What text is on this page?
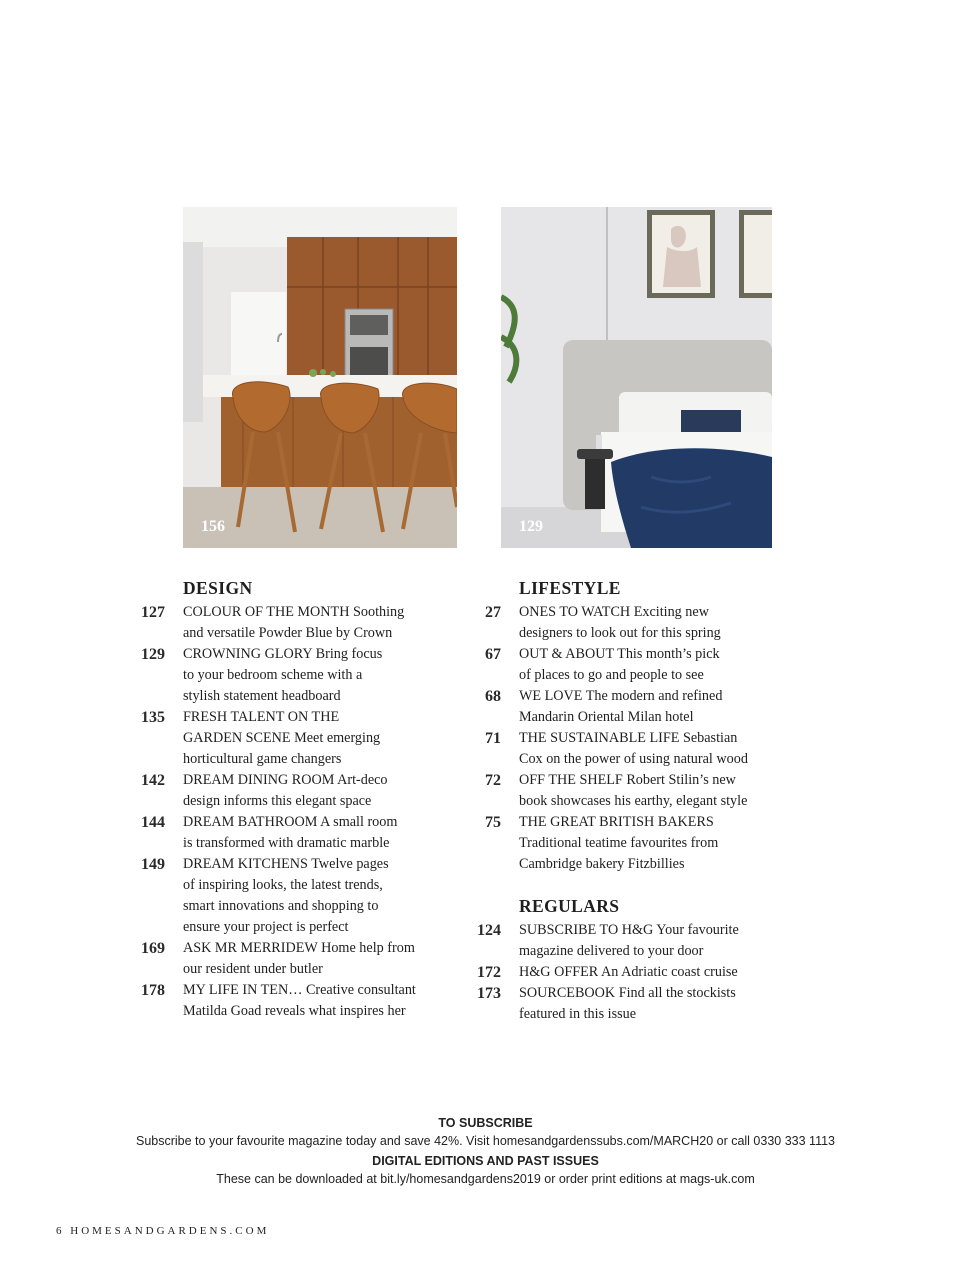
156	129
DESIGN
127 COLOUR OF THE MONTH Soothing
and versatile Powder Blue by Crown
129 CROWNING GLORY Bring focus
to your bedroom scheme with a
stylish statement headboard
135 FRESH TALENT ON THE
GARDEN SCENE Meet emerging
horticultural game changers
142 DREAM DINING ROOM Art-deco
design informs this elegant space
144 DREAM BATHROOM A small room
is transformed with dramatic marble
149 DREAM KITCHENS Twelve pages
of inspiring looks, the latest trends,
smart innovations and shopping to
ensure your project is perfect
169 ASK MR MERRIDEW Home help from
our resident under butler
178 MY LIFE IN TEN… Creative consultant
Matilda Goad reveals what inspires her
LIFESTYLE
27 ONES TO WATCH Exciting new
designers to look out for this spring
67 OUT & ABOUT This month’s pick
of places to go and people to see
68 WE LOVE The modern and refined
Mandarin Oriental Milan hotel
71 THE SUSTAINABLE LIFE Sebastian
Cox on the power of using natural wood
72 OFF THE SHELF Robert Stilin’s new
book showcases his earthy, elegant style
75 THE GREAT BRITISH BAKERS
Traditional teatime favourites from
Cambridge bakery Fitzbillies
REGULARS
124 SUBSCRIBE TO H&G Your favourite
magazine delivered to your door
172 H&G OFFER An Adriatic coast cruise
173 SOURCEBOOK Find all the stockists
featured in this issue
TO SUBSCRIBE
Subscribe to your favourite magazine today and save 42%. Visit homesandgardenssubs.com/MARCH20 or call 0330 333 1113
DIGITAL EDITIONS AND PAST ISSUES
These can be downloaded at bit.ly/homesandgardens2019 or order print editions at mags-uk.com
6 HOMESANDGARDENS.COM
